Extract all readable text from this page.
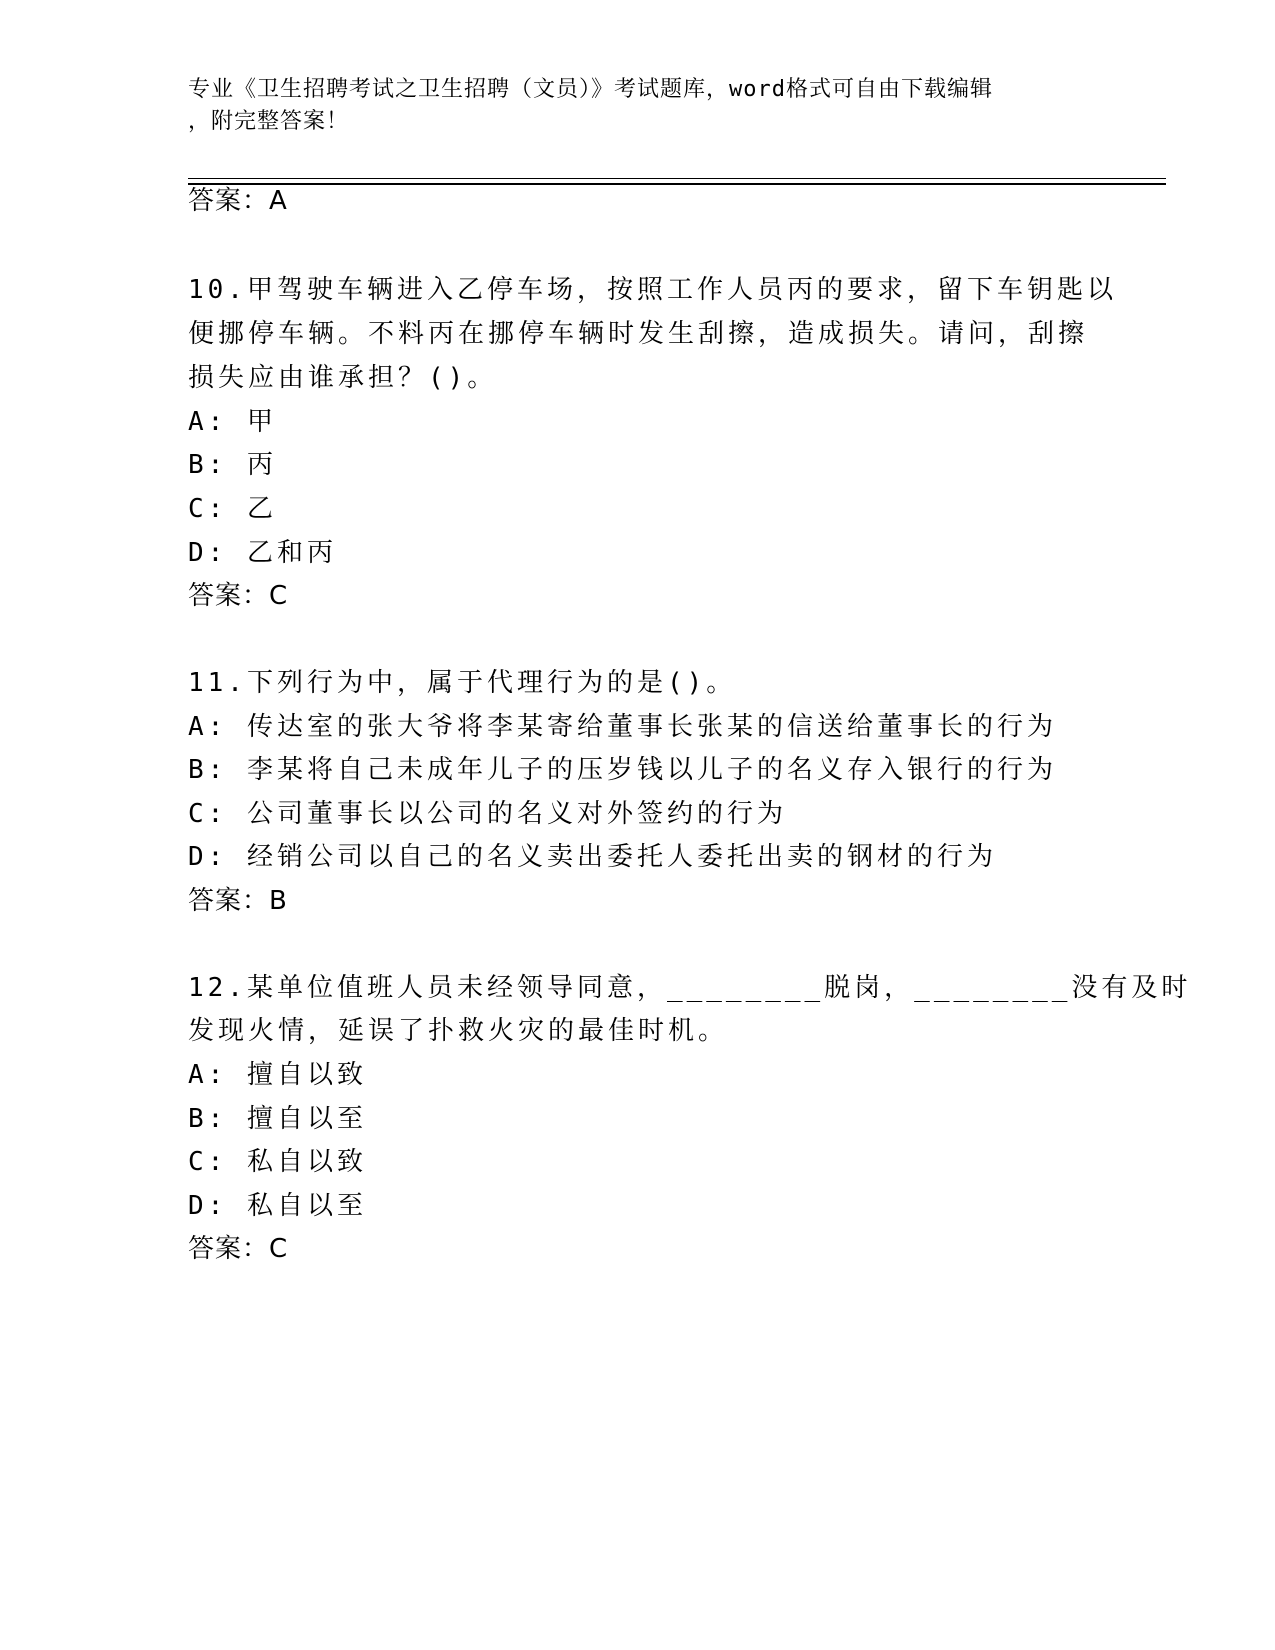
专业《卫生招聘考试之卫生招聘（文员）》考试题库，word格式可自由下载编辑
，附完整答案！
答案：A
10.甲驾驶车辆进入乙停车场，按照工作人员丙的要求，留下车钥匙以
便挪停车辆。不料丙在挪停车辆时发生刮擦，造成损失。请问，刮擦
损失应由谁承担？()。
A: 甲
B: 丙
C: 乙
D: 乙和丙
答案：C
11.下列行为中，属于代理行为的是()。
A: 传达室的张大爷将李某寄给董事长张某的信送给董事长的行为
B: 李某将自己未成年儿子的压岁钱以儿子的名义存入银行的行为
C: 公司董事长以公司的名义对外签约的行为
D: 经销公司以自己的名义卖出委托人委托出卖的钢材的行为
答案：B
12.某单位值班人员未经领导同意，________脱岗，________没有及时
发现火情，延误了扑救火灾的最佳时机。
A: 擅自以致
B: 擅自以至
C: 私自以致
D: 私自以至
答案：C
